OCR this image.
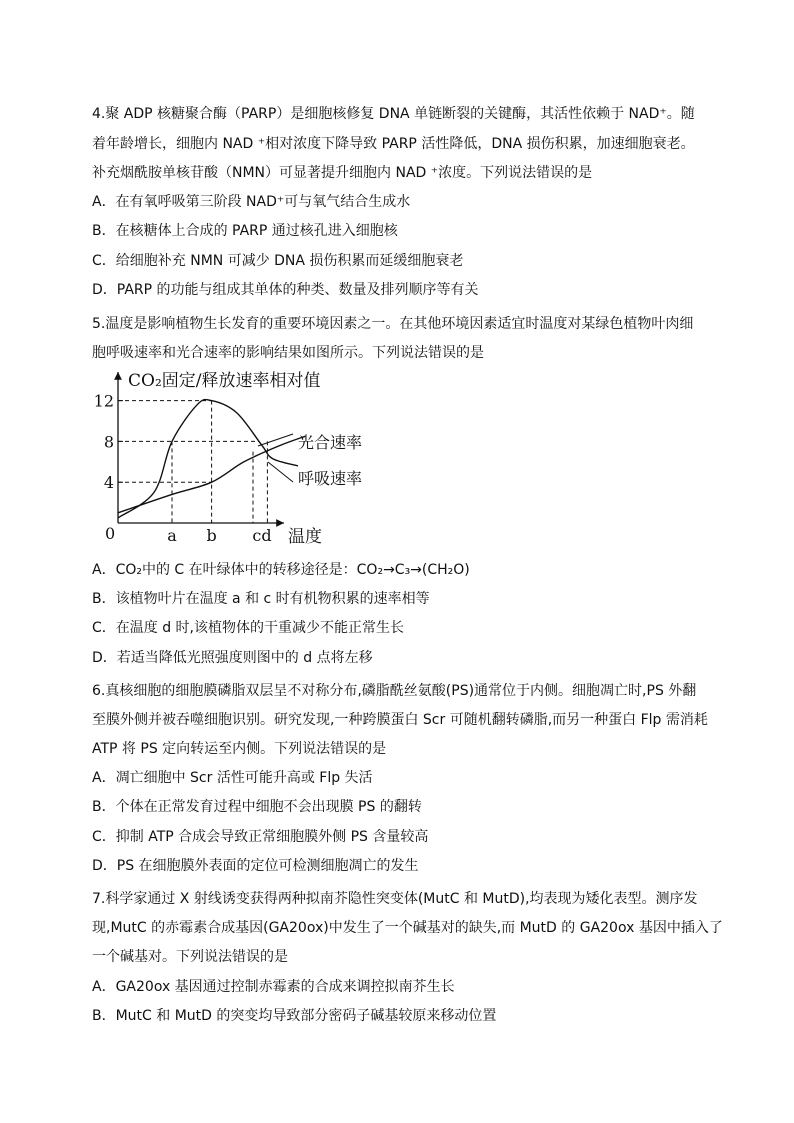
4.聚 ADP 核糖聚合酶（PARP）是细胞核修复 DNA 单链断裂的关键酶，其活性依赖于 NAD⁺。随
着年龄增长，细胞内 NAD ⁺相对浓度下降导致 PARP 活性降低，DNA 损伤积累，加速细胞衰老。
补充烟酰胺单核苷酸（NMN）可显著提升细胞内 NAD ⁺浓度。下列说法错误的是
A．在有氧呼吸第三阶段 NAD⁺可与氧气结合生成水
B．在核糖体上合成的 PARP 通过核孔进入细胞核
C．给细胞补充 NMN 可减少 DNA 损伤积累而延缓细胞衰老
D．PARP 的功能与组成其单体的种类、数量及排列顺序等有关
5.温度是影响植物生长发育的重要环境因素之一。在其他环境因素适宜时温度对某绿色植物叶肉细
胞呼吸速率和光合速率的影响结果如图所示。下列说法错误的是
CO₂固定/释放速率相对值
温度
0
4
8
12
a b cd
光合速率
呼吸速率
A．CO₂中的 C 在叶绿体中的转移途径是：CO₂→C₃→(CH₂O)
B．该植物叶片在温度 a 和 c 时有机物积累的速率相等
C．在温度 d 时,该植物体的干重减少不能正常生长
D．若适当降低光照强度则图中的 d 点将左移
6.真核细胞的细胞膜磷脂双层呈不对称分布,磷脂酰丝氨酸(PS)通常位于内侧。细胞凋亡时,PS 外翻
至膜外侧并被吞噬细胞识别。研究发现,一种跨膜蛋白 Scr 可随机翻转磷脂,而另一种蛋白 Flp 需消耗
ATP 将 PS 定向转运至内侧。下列说法错误的是
A．凋亡细胞中 Scr 活性可能升高或 Flp 失活
B．个体在正常发育过程中细胞不会出现膜 PS 的翻转
C．抑制 ATP 合成会导致正常细胞膜外侧 PS 含量较高
D．PS 在细胞膜外表面的定位可检测细胞凋亡的发生
7.科学家通过 X 射线诱变获得两种拟南芥隐性突变体(MutC 和 MutD),均表现为矮化表型。测序发
现,MutC 的赤霉素合成基因(GA20ox)中发生了一个碱基对的缺失,而 MutD 的 GA20ox 基因中插入了
一个碱基对。下列说法错误的是
A．GA20ox 基因通过控制赤霉素的合成来调控拟南芥生长
B．MutC 和 MutD 的突变均导致部分密码子碱基较原来移动位置
